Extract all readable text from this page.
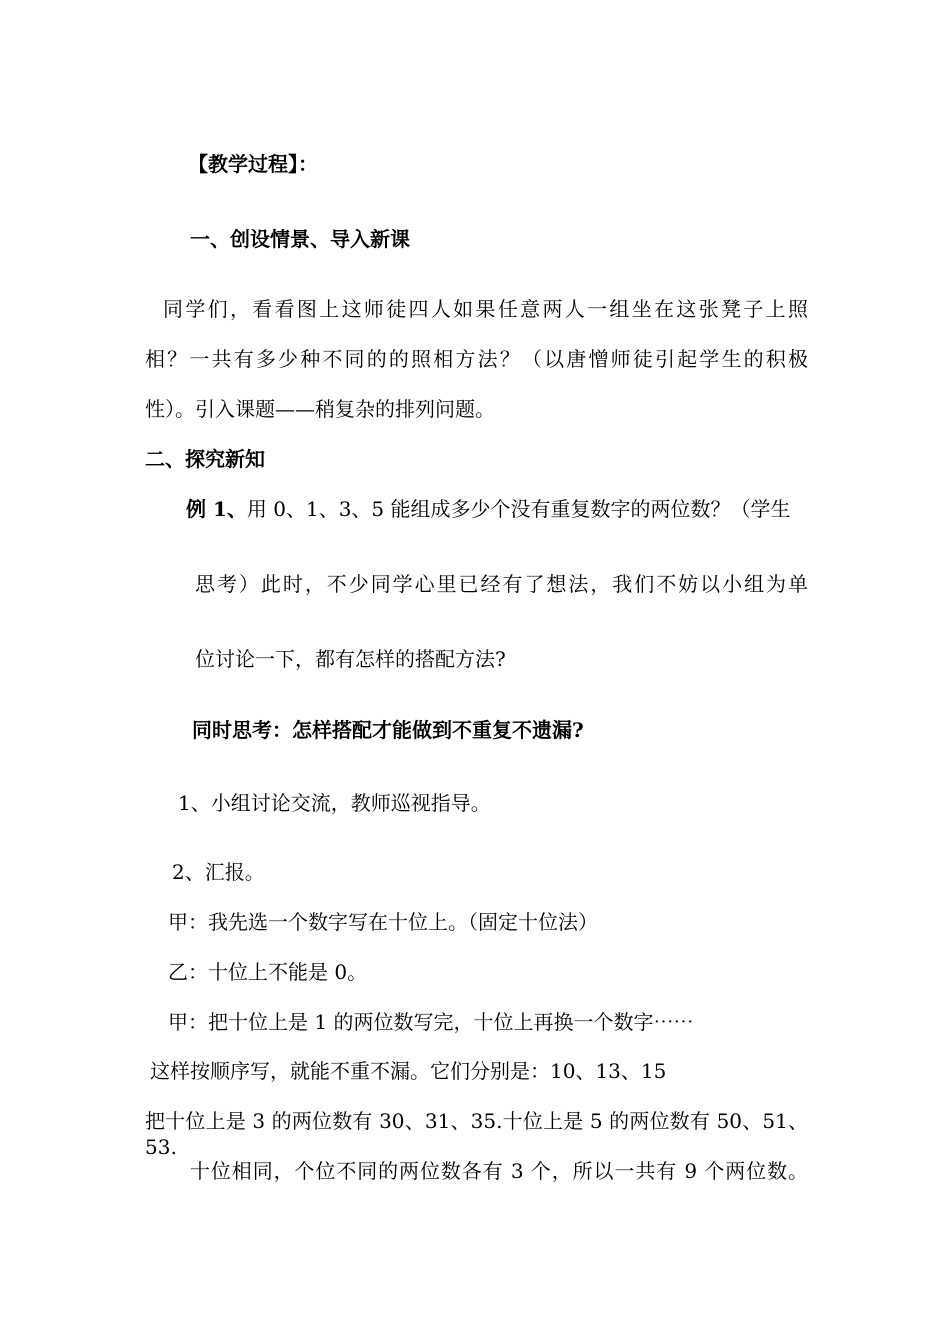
【教学过程】：
一、创设情景、导入新课
同学们，看看图上这师徒四人如果任意两人一组坐在这张凳子上照
相？一共有多少种不同的的照相方法？（以唐憎师徒引起学生的积极
性）。引入课题——稍复杂的排列问题。
二、探究新知
例 1、用 0、1、3、5 能组成多少个没有重复数字的两位数？（学生
思考）此时，不少同学心里已经有了想法，我们不妨以小组为单
位讨论一下，都有怎样的搭配方法?
同时思考：怎样搭配才能做到不重复不遗漏?
1、小组讨论交流，教师巡视指导。
2、汇报。
甲：我先选一个数字写在十位上。（固定十位法）
乙：十位上不能是 0。
甲：把十位上是 1 的两位数写完，十位上再换一个数字⋯⋯
这样按顺序写，就能不重不漏。它们分别是：10、13、15
把十位上是 3 的两位数有 30、31、35.十位上是 5 的两位数有 50、51、53.
十位相同，个位不同的两位数各有 3 个，所以一共有 9 个两位数。
